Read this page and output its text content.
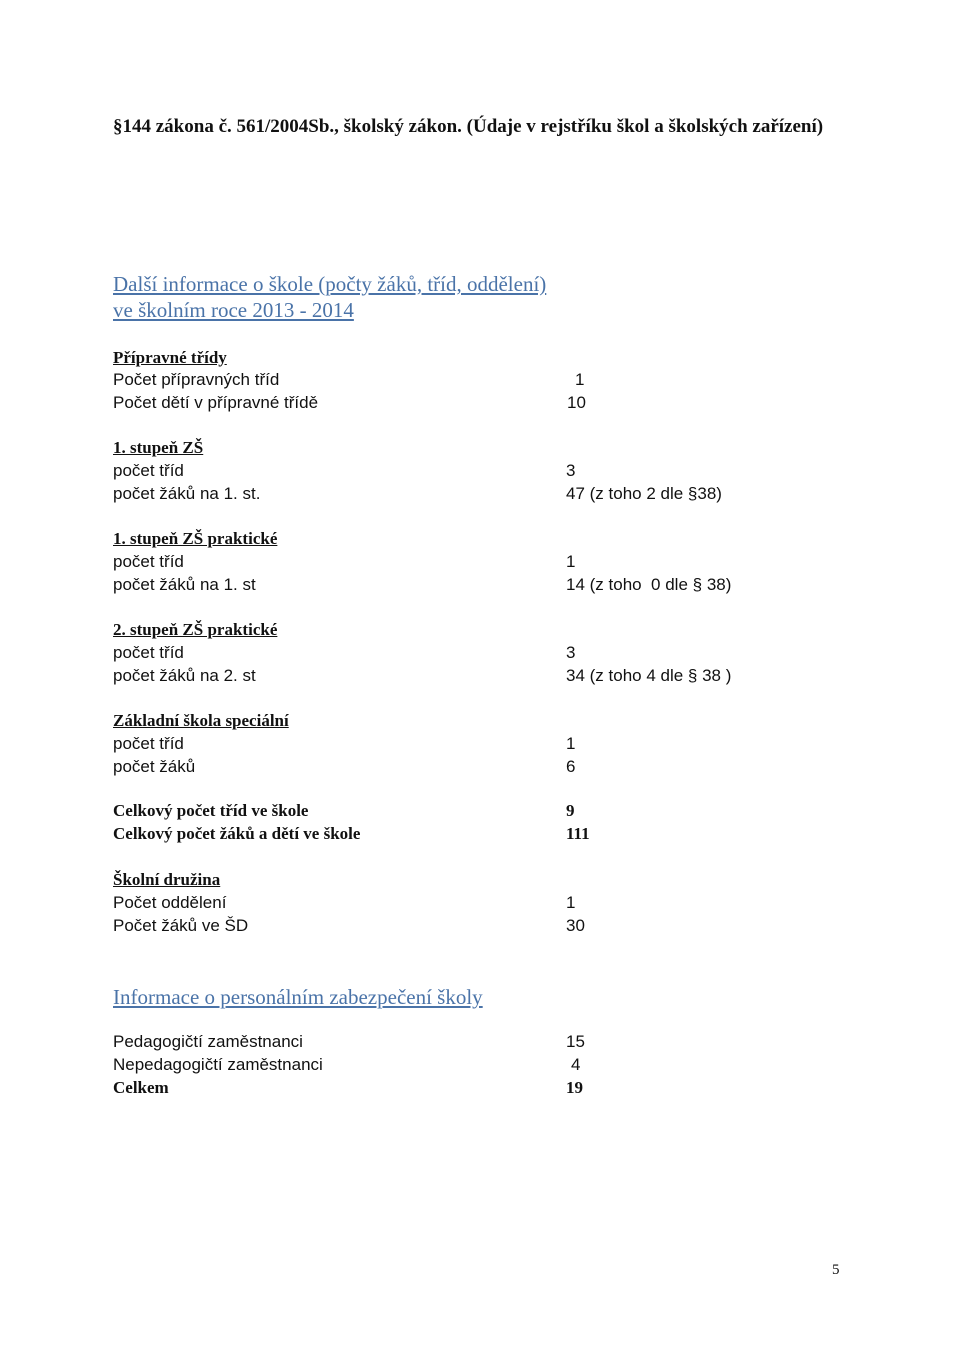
§144 zákona č. 561/2004Sb., školský zákon. (Údaje v rejstříku škol a školských zařízení)
Další informace o škole (počty žáků, tříd, oddělení)
ve školním roce 2013 - 2014
Přípravné třídy
Počet přípravných tříd	1
Počet dětí v přípravné třídě	10
1. stupeň ZŠ
počet tříd	3
počet žáků na 1. st.	47 (z toho 2 dle §38)
1. stupeň ZŠ praktické
počet tříd	1
počet žáků na 1. st	14 (z toho  0 dle § 38)
2. stupeň ZŠ praktické
počet tříd	3
počet žáků na 2. st	34 (z toho 4 dle § 38 )
Základní škola speciální
počet tříd	1
počet žáků	6
Celkový počet tříd ve škole	9
Celkový počet žáků a dětí ve škole	111
Školní družina
Počet oddělení	1
Počet žáků ve ŠD	30
Informace o personálním zabezpečení školy
Pedagogičtí zaměstnanci	15
Nepedagogičtí zaměstnanci	4
Celkem	19
5
